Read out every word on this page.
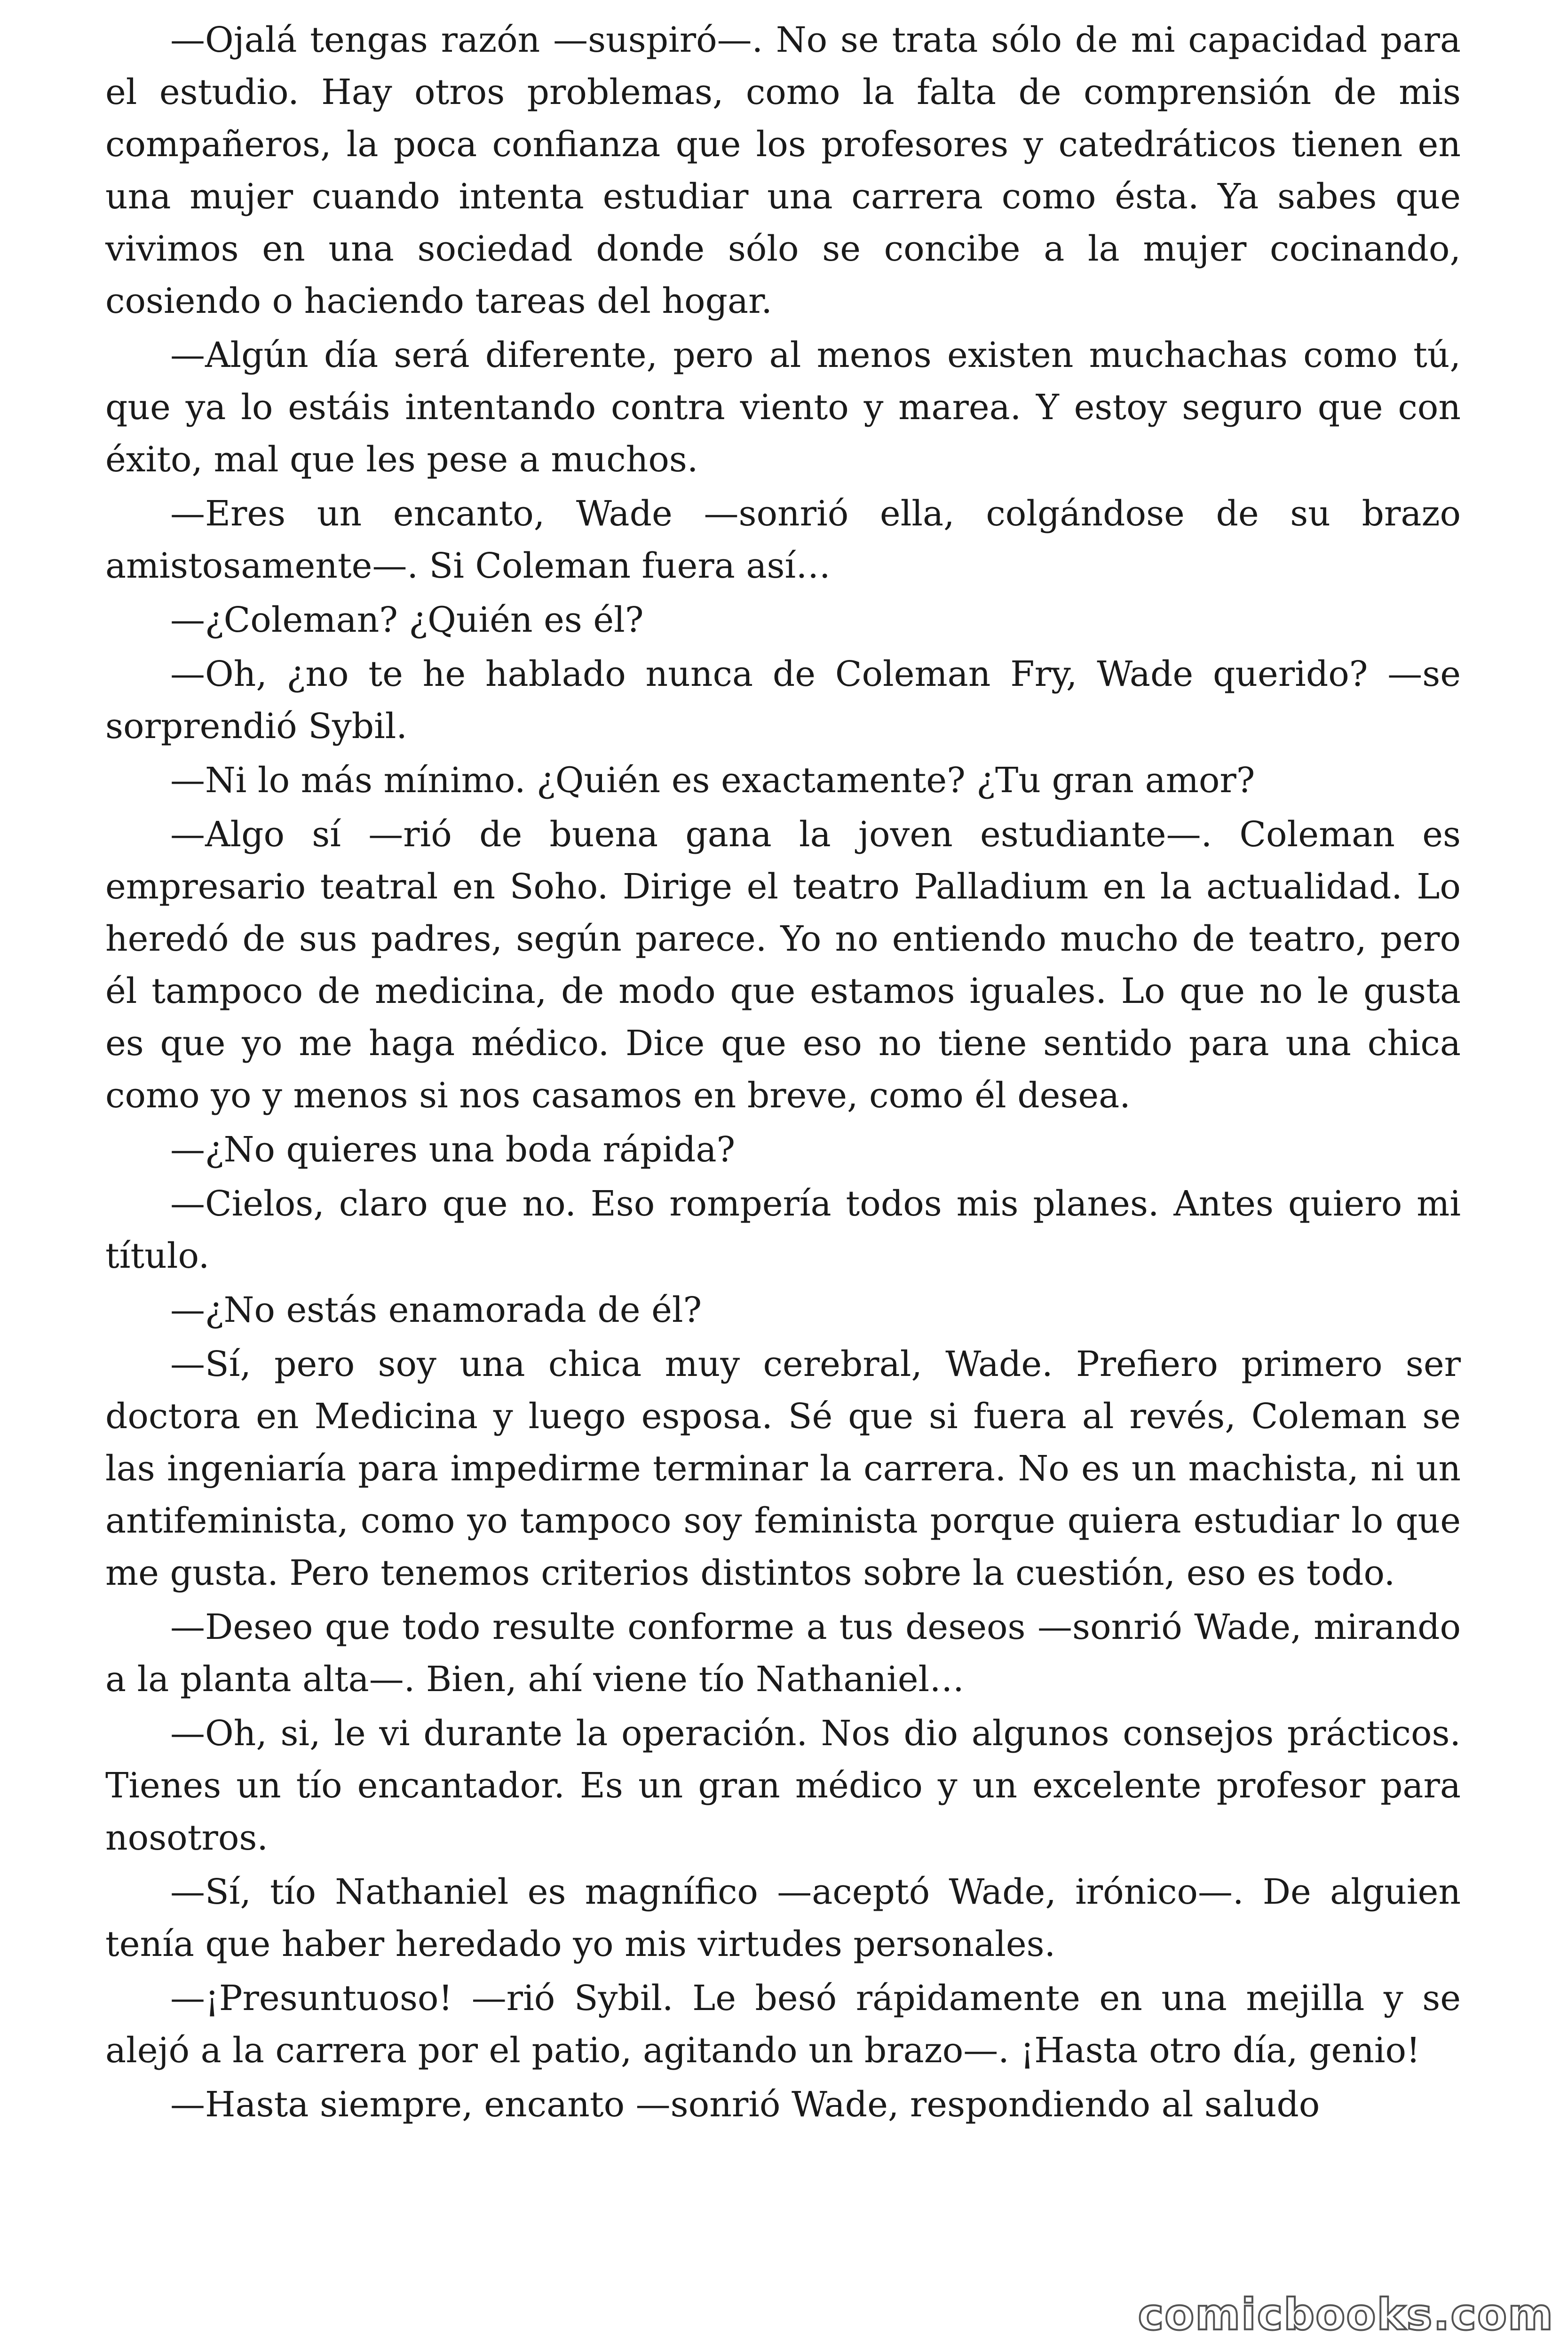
—Ojalá tengas razón —suspiró—. No se trata sólo de mi capacidad para el estudio. Hay otros problemas, como la falta de comprensión de mis compañeros, la poca confianza que los profesores y catedráticos tienen en una mujer cuando intenta estudiar una carrera como ésta. Ya sabes que vivimos en una sociedad donde sólo se concibe a la mujer cocinando, cosiendo o haciendo tareas del hogar.

—Algún día será diferente, pero al menos existen muchachas como tú, que ya lo estáis intentando contra viento y marea. Y estoy seguro que con éxito, mal que les pese a muchos.

—Eres un encanto, Wade —sonrió ella, colgándose de su brazo amistosamente—. Si Coleman fuera así…

—¿Coleman? ¿Quién es él?

—Oh, ¿no te he hablado nunca de Coleman Fry, Wade querido? —se sorprendió Sybil.

—Ni lo más mínimo. ¿Quién es exactamente? ¿Tu gran amor?

—Algo sí —rió de buena gana la joven estudiante—. Coleman es empresario teatral en Soho. Dirige el teatro Palladium en la actualidad. Lo heredó de sus padres, según parece. Yo no entiendo mucho de teatro, pero él tampoco de medicina, de modo que estamos iguales. Lo que no le gusta es que yo me haga médico. Dice que eso no tiene sentido para una chica como yo y menos si nos casamos en breve, como él desea.

—¿No quieres una boda rápida?

—Cielos, claro que no. Eso rompería todos mis planes. Antes quiero mi título.

—¿No estás enamorada de él?

—Sí, pero soy una chica muy cerebral, Wade. Prefiero primero ser doctora en Medicina y luego esposa. Sé que si fuera al revés, Coleman se las ingeniaría para impedirme terminar la carrera. No es un machista, ni un antifeminista, como yo tampoco soy feminista porque quiera estudiar lo que me gusta. Pero tenemos criterios distintos sobre la cuestión, eso es todo.

—Deseo que todo resulte conforme a tus deseos —sonrió Wade, mirando a la planta alta—. Bien, ahí viene tío Nathaniel…

—Oh, si, le vi durante la operación. Nos dio algunos consejos prácticos. Tienes un tío encantador. Es un gran médico y un excelente profesor para nosotros.

—Sí, tío Nathaniel es magnífico —aceptó Wade, irónico—. De alguien tenía que haber heredado yo mis virtudes personales.

—¡Presuntuoso! —rió Sybil. Le besó rápidamente en una mejilla y se alejó a la carrera por el patio, agitando un brazo—. ¡Hasta otro día, genio!

—Hasta siempre, encanto —sonrió Wade, respondiendo al saludo

comicbooks.com
